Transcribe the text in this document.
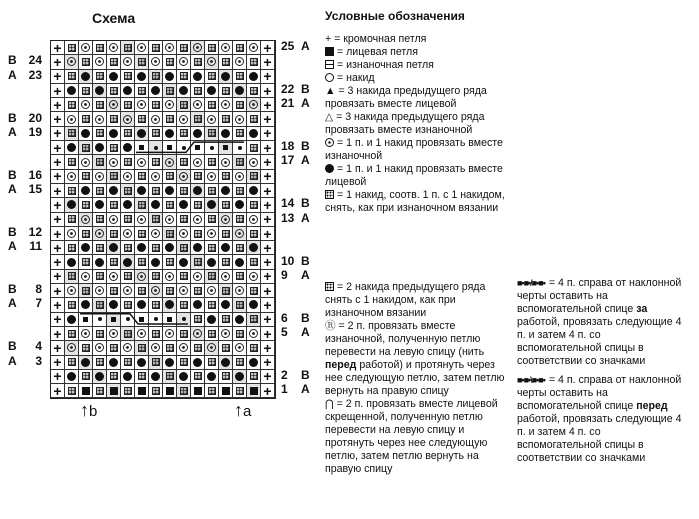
Схема
+
+
+
+
+
+
+
+
+
+
+
+
+
+
+
+
+
+
+
+
+
+
+
+
+
+
+
+
+
+
+
+
+
+
+
+
+
+
+
+
+
+
+
+
+
+
+
+
+
+
25 А
В 24
А 23
22 В
21 А
В 20
А 19
18 В
17 А
В 16
А 15
14 В
13 А
В 12
А 11
10 В
9 А
В 8
А 7
6 В
5 А
В 4
А 3
2 В
1 А
Условные обозначения

+ = кромочная петля

= лицевая петля

= изнаночная петля

= накид

▲ = 3 накида предыдущего ряда провязать вместе лицевой

△ = 3 накида предыдущего ряда провязать вместе изнаночной

= 1 п. и 1 накид провязать вместе изнаночной

= 1 п. и 1 накид провязать вместе лицевой

= 1 накид, соотв. 1 п. с 1 накидом, снять, как при изнаночном вязании

= 2 накида предыдущего ряда снять с 1 накидом, как при изнаночном вязании

Ⓡ = 2 п. провязать вместе изнаночной, полученную петлю перевести на левую спицу (нить перед работой) и протянуть через нее следующую петлю, затем петлю вернуть на правую спицу

⋂ = 2 п. провязать вместе лицевой скрещенной, полученную петлю перевести на левую спицу и протянуть через нее следующую петлю, затем петлю вернуть на правую спицу

■•■•/■•■• = 4 п. справа от наклонной черты оставить на вспомогательной спице за работой, провязать следующие 4 п. и затем 4 п. со вспомогательной спицы в соответствии со значками

■•■•\■•■• = 4 п. справа от наклонной черты оставить на вспомогательной спице перед работой, провязать следующие 4 п. и затем 4 п. со вспомогательной спицы в соответствии со значками

↑b	↑a
